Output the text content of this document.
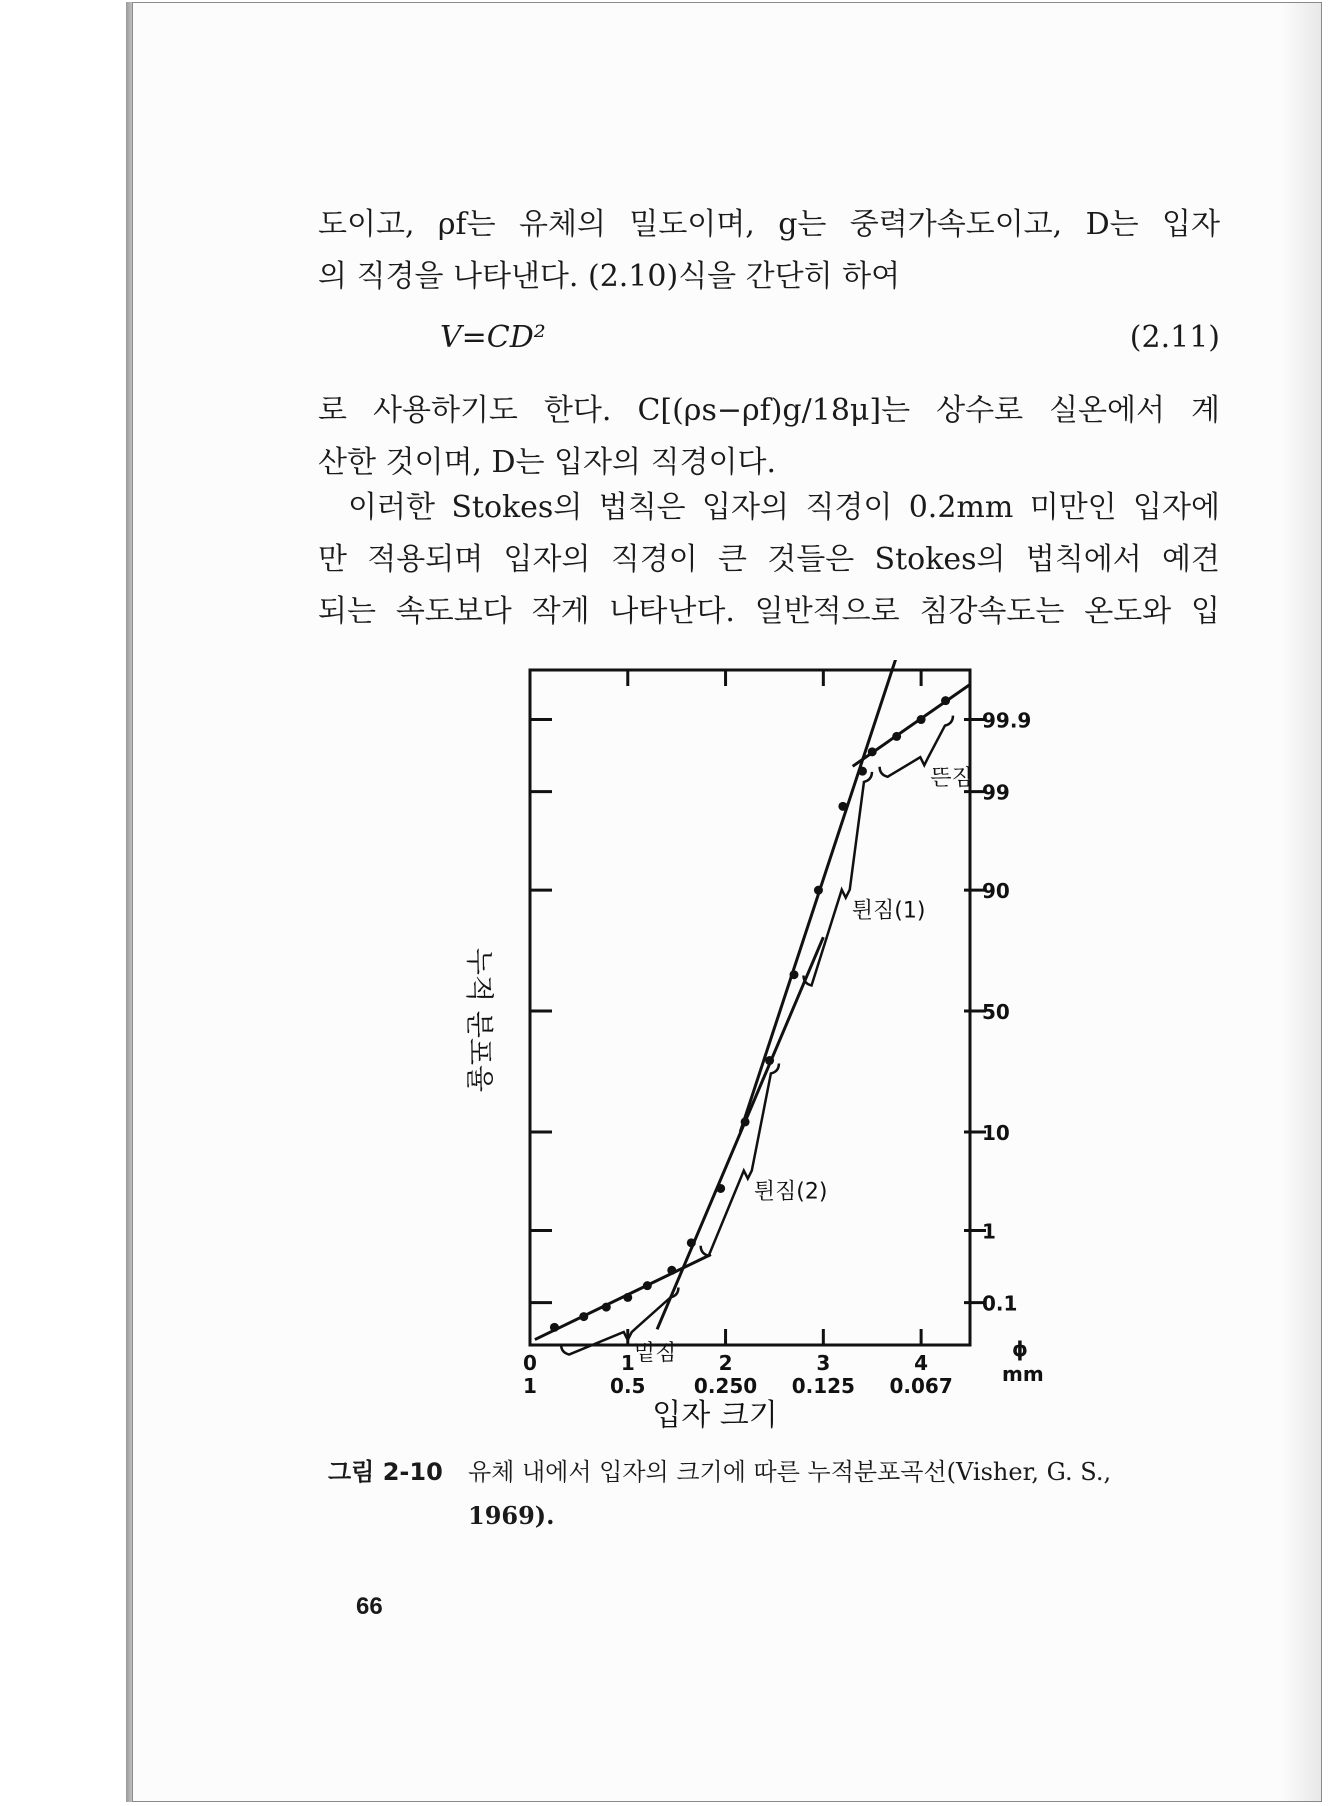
도이고, ρf는 유체의 밀도이며, g는 중력가속도이고, D는 입자
의 직경을 나타낸다. (2.10)식을 간단히 하여
V=CD²	(2.11)
로 사용하기도 한다. C[(ρs−ρf)g/18μ]는 상수로 실온에서 계
산한 것이며, D는 입자의 직경이다.
이러한 Stokes의 법칙은 입자의 직경이 0.2mm 미만인 입자에
만 적용되며 입자의 직경이 큰 것들은 Stokes의 법칙에서 예견
되는 속도보다 작게 나타난다. 일반적으로 침강속도는 온도와 입
0
1
1
0.5
2
0.250
3
0.125
4
0.067
0.1
1
10
50
90
99
99.9
밑짐
튄짐(2)
튄짐(1)
뜬짐
입자 크기
누적 분포율
ϕ
mm
그림 2-10 유체 내에서 입자의 크기에 따른 누적분포곡선(Visher, G. S.,
1969).
66
